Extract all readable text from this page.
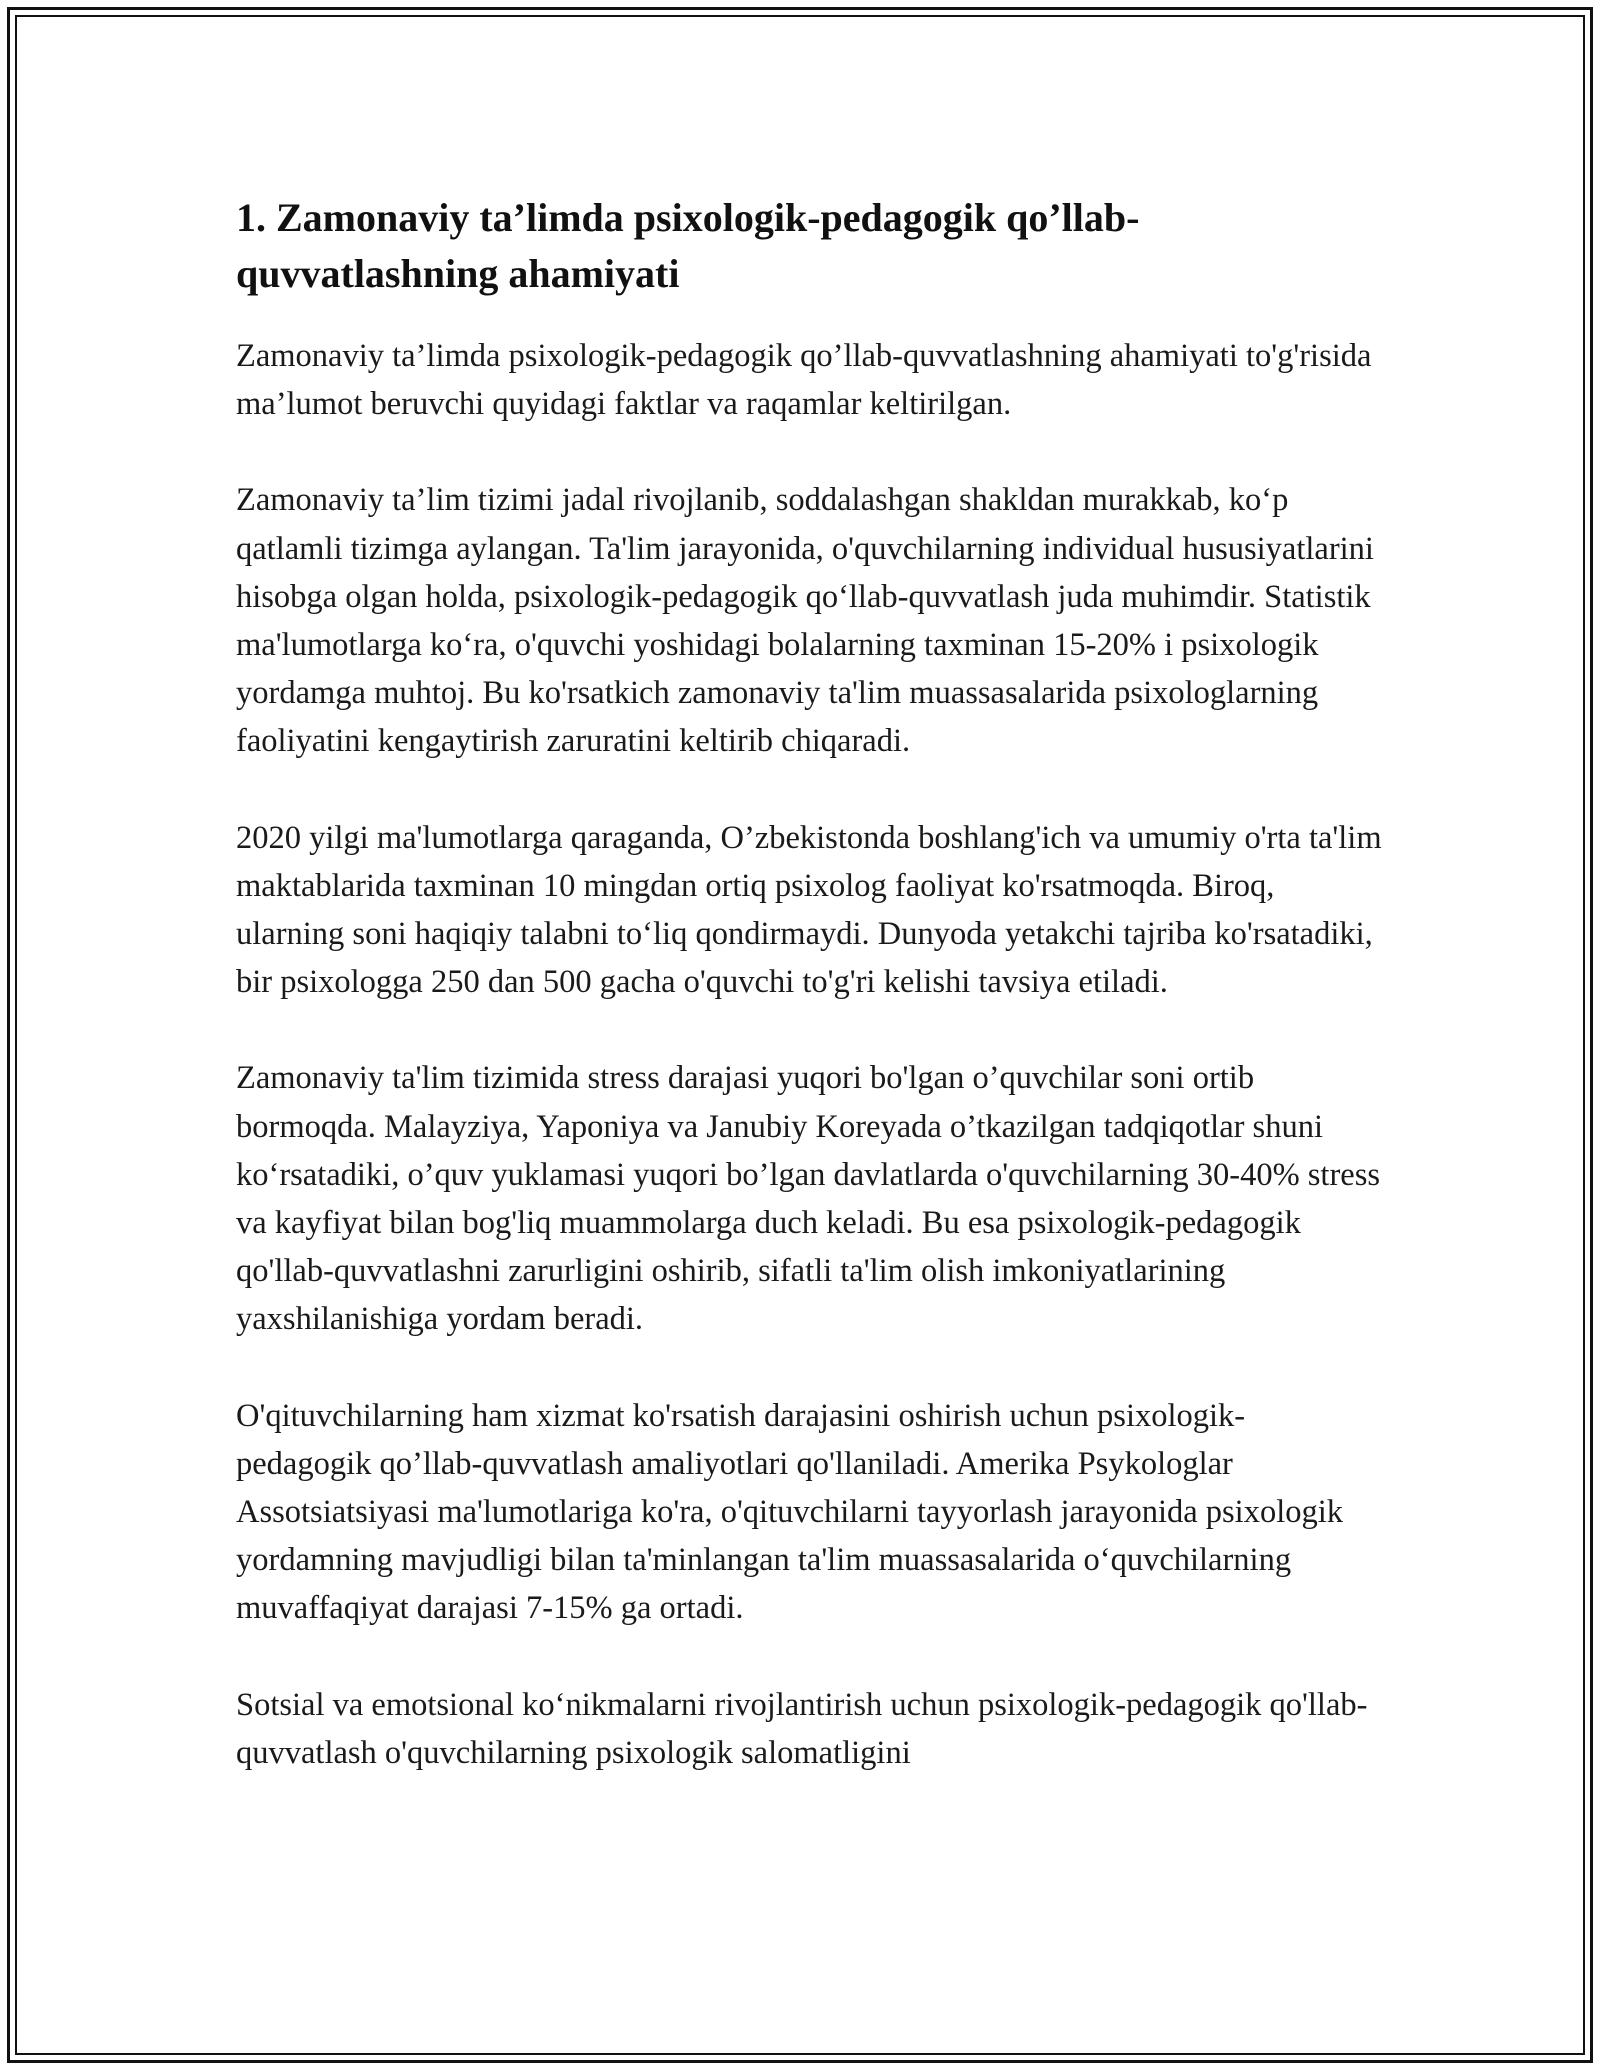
1. Zamonaviy ta’limda psixologik-pedagogik qo’llab-quvvatlashning ahamiyati

Zamonaviy ta’limda psixologik-pedagogik qo’llab-quvvatlashning ahamiyati to'g'risida ma’lumot beruvchi quyidagi faktlar va raqamlar keltirilgan.

Zamonaviy ta’lim tizimi jadal rivojlanib, soddalashgan shakldan murakkab, ko‘p qatlamli tizimga aylangan. Ta'lim jarayonida, o'quvchilarning individual hususiyatlarini hisobga olgan holda, psixologik-pedagogik qo‘llab-quvvatlash juda muhimdir. Statistik ma'lumotlarga ko‘ra, o'quvchi yoshidagi bolalarning taxminan 15-20% i psixologik yordamga muhtoj. Bu ko'rsatkich zamonaviy ta'lim muassasalarida psixologlarning faoliyatini kengaytirish zaruratini keltirib chiqaradi.

2020 yilgi ma'lumotlarga qaraganda, O’zbekistonda boshlang'ich va umumiy o'rta ta'lim maktablarida taxminan 10 mingdan ortiq psixolog faoliyat ko'rsatmoqda. Biroq, ularning soni haqiqiy talabni to‘liq qondirmaydi. Dunyoda yetakchi tajriba ko'rsatadiki, bir psixologga 250 dan 500 gacha o'quvchi to'g'ri kelishi tavsiya etiladi.

Zamonaviy ta'lim tizimida stress darajasi yuqori bo'lgan o’quvchilar soni ortib bormoqda. Malayziya, Yaponiya va Janubiy Koreyada o’tkazilgan tadqiqotlar shuni ko‘rsatadiki, o’quv yuklamasi yuqori bo’lgan davlatlarda o'quvchilarning 30-40% stress va kayfiyat bilan bog'liq muammolarga duch keladi. Bu esa psixologik-pedagogik qo'llab-quvvatlashni zarurligini oshirib, sifatli ta'lim olish imkoniyatlarining yaxshilanishiga yordam beradi.

O'qituvchilarning ham xizmat ko'rsatish darajasini oshirish uchun psixologik- pedagogik qo’llab-quvvatlash amaliyotlari qo'llaniladi. Amerika Psykologlar Assotsiatsiyasi ma'lumotlariga ko'ra, o'qituvchilarni tayyorlash jarayonida psixologik yordamning mavjudligi bilan ta'minlangan ta'lim muassasalarida o‘quvchilarning muvaffaqiyat darajasi 7-15% ga ortadi.

Sotsial va emotsional ko‘nikmalarni rivojlantirish uchun psixologik-pedagogik qo'llab-quvvatlash o'quvchilarning psixologik salomatligini
